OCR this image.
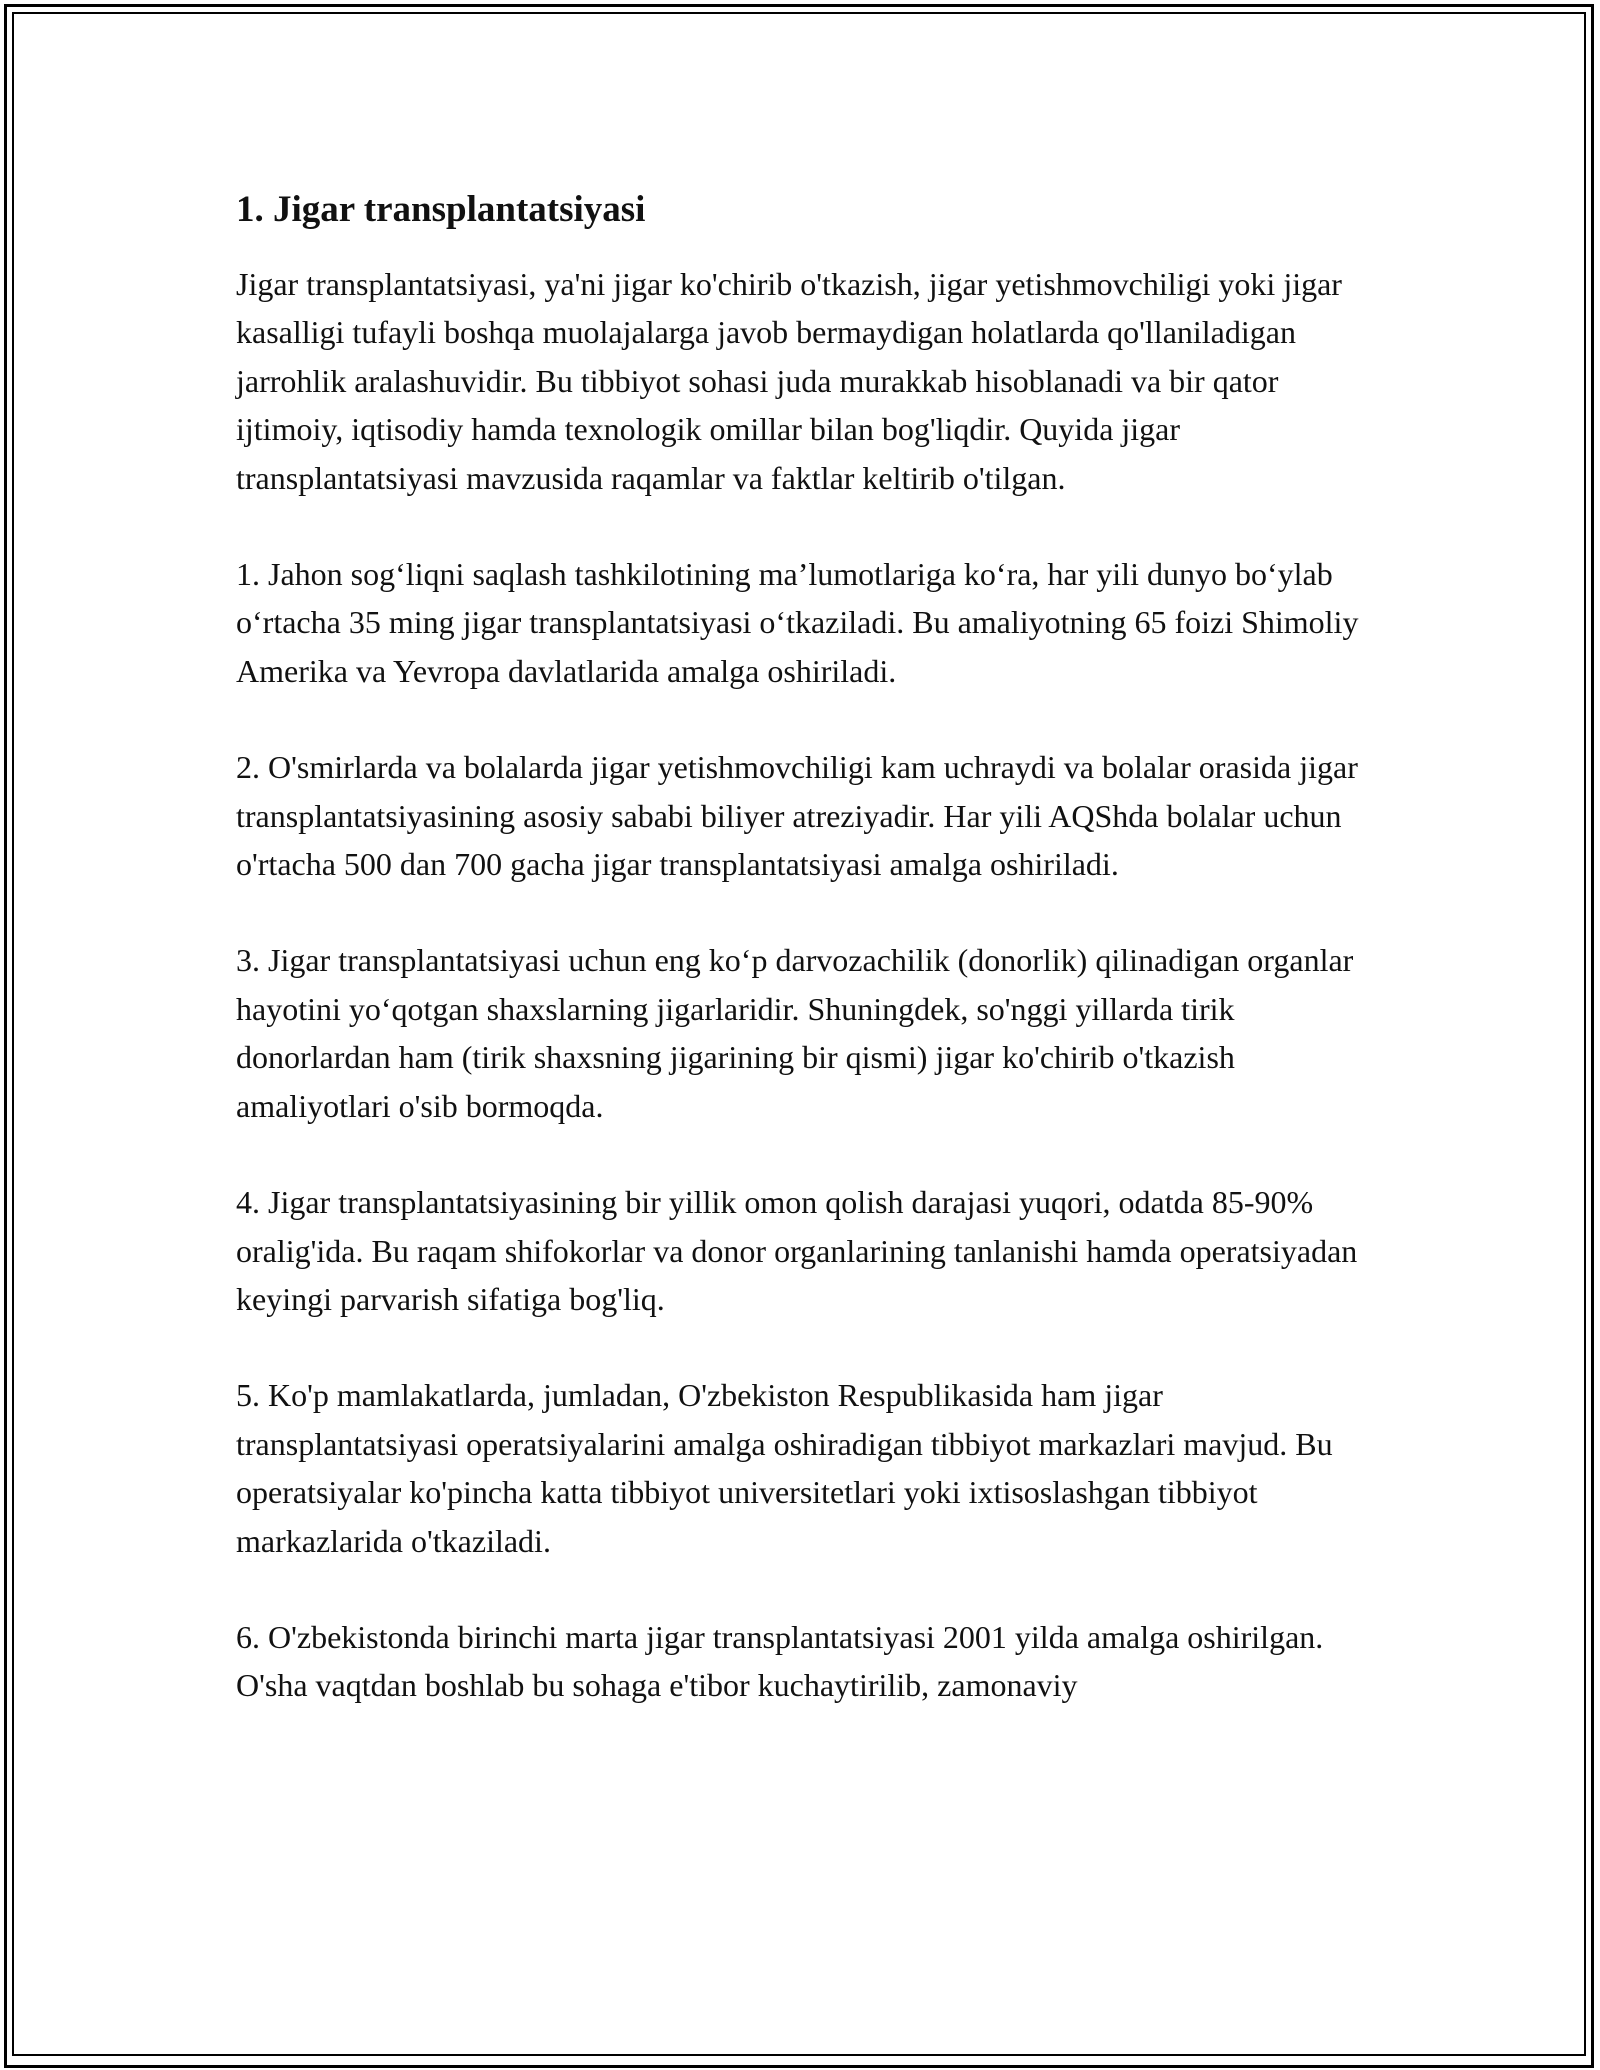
1. Jigar transplantatsiyasi

Jigar transplantatsiyasi, ya'ni jigar ko'chirib o'tkazish, jigar yetishmovchiligi yoki jigar kasalligi tufayli boshqa muolajalarga javob bermaydigan holatlarda qo'llaniladigan jarrohlik aralashuvidir. Bu tibbiyot sohasi juda murakkab hisoblanadi va bir qator ijtimoiy, iqtisodiy hamda texnologik omillar bilan bog'liqdir. Quyida jigar transplantatsiyasi mavzusida raqamlar va faktlar keltirib o'tilgan.

1. Jahon sog‘liqni saqlash tashkilotining ma’lumotlariga ko‘ra, har yili dunyo bo‘ylab o‘rtacha 35 ming jigar transplantatsiyasi o‘tkaziladi. Bu amaliyotning 65 foizi Shimoliy Amerika va Yevropa davlatlarida amalga oshiriladi.

2. O'smirlarda va bolalarda jigar yetishmovchiligi kam uchraydi va bolalar orasida jigar transplantatsiyasining asosiy sababi biliyer atreziyadir. Har yili AQShda bolalar uchun o'rtacha 500 dan 700 gacha jigar transplantatsiyasi amalga oshiriladi.

3. Jigar transplantatsiyasi uchun eng ko‘p darvozachilik (donorlik) qilinadigan organlar hayotini yo‘qotgan shaxslarning jigarlaridir. Shuningdek, so'nggi yillarda tirik donorlardan ham (tirik shaxsning jigarining bir qismi) jigar ko'chirib o'tkazish amaliyotlari o'sib bormoqda.

4. Jigar transplantatsiyasining bir yillik omon qolish darajasi yuqori, odatda 85-90% oralig'ida. Bu raqam shifokorlar va donor organlarining tanlanishi hamda operatsiyadan keyingi parvarish sifatiga bog'liq.

5. Ko'p mamlakatlarda, jumladan, O'zbekiston Respublikasida ham jigar transplantatsiyasi operatsiyalarini amalga oshiradigan tibbiyot markazlari mavjud. Bu operatsiyalar ko'pincha katta tibbiyot universitetlari yoki ixtisoslashgan tibbiyot markazlarida o'tkaziladi.

6. O'zbekistonda birinchi marta jigar transplantatsiyasi 2001 yilda amalga oshirilgan. O'sha vaqtdan boshlab bu sohaga e'tibor kuchaytirilib, zamonaviy
